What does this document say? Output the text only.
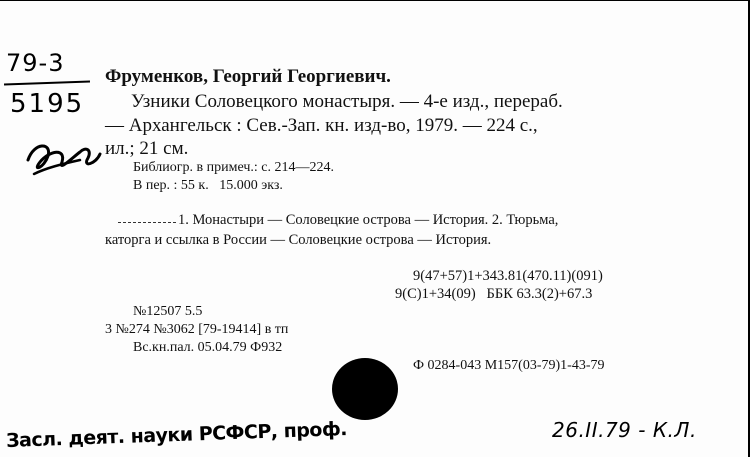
79-3
5195
Фруменков, Георгий Георгиевич.
Узники Соловецкого монастыря. — 4-е изд., перераб.
— Архангельск : Сев.-Зап. кн. изд-во, 1979. — 224 с.,
ил.; 21 см.
Библиогр. в примеч.: с. 214—224.
В пер. : 55 к.   15.000 экз.
1. Монастыри — Соловецкие острова — История. 2. Тюрьма,
каторга и ссылка в России — Соловецкие острова — История.
9(47+57)1+343.81(470.11)(091)
9(С)1+34(09)   ББК 63.3(2)+67.3
№12507 5.5
3 №274 №3062 [79-19414] в тп
Вс.кн.пал. 05.04.79 Ф932
Ф 0284-043 М157(03-79)1-43-79
Засл. деят. науки РСФСР, проф.	26.II.79 - К.Л.
